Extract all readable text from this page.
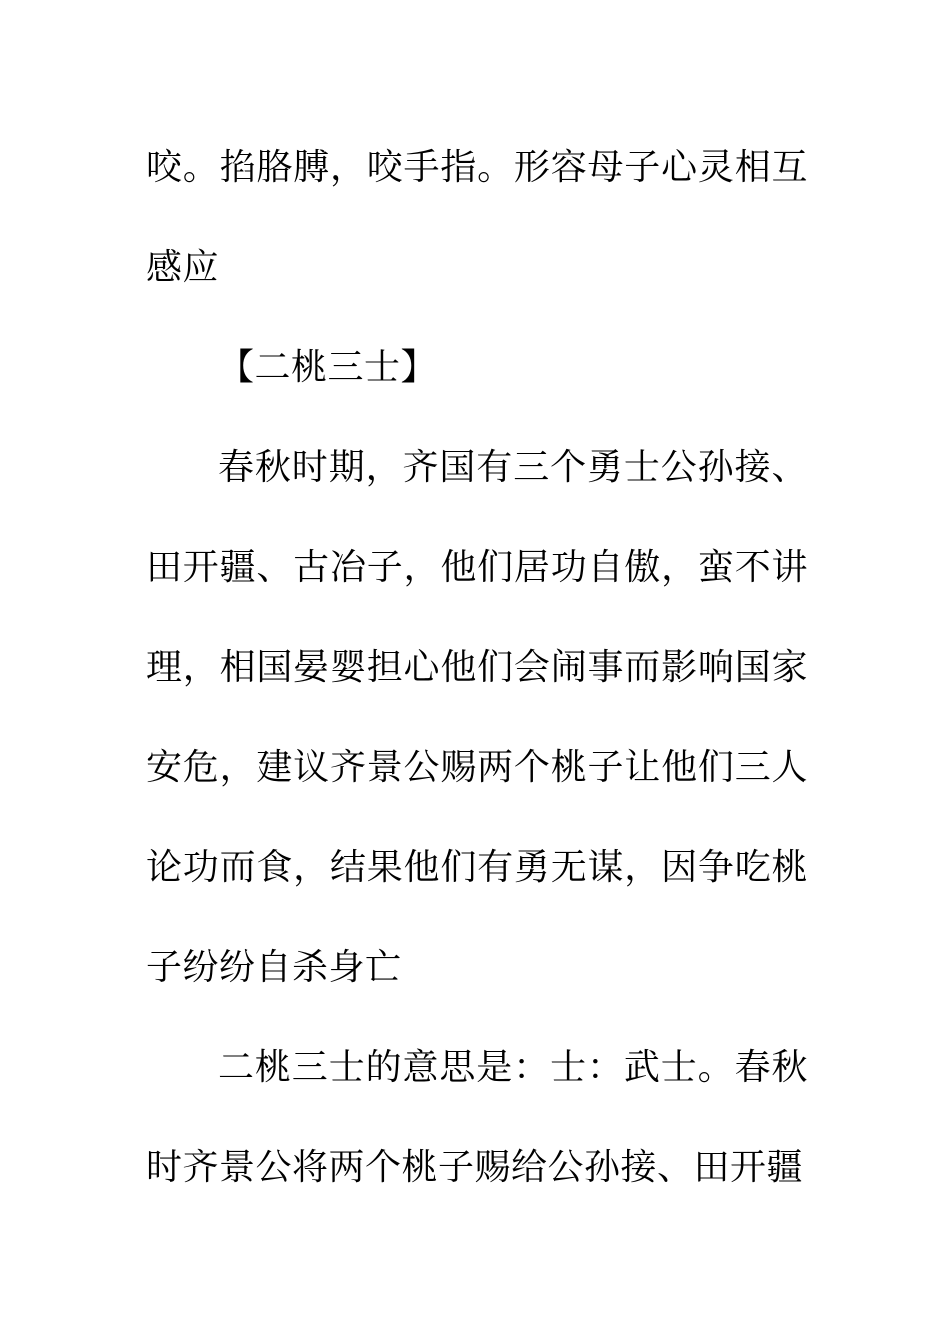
咬。掐胳膊，咬手指。形容母子心灵相互感应

【二桃三士】

春秋时期，齐国有三个勇士公孙接、田开疆、古冶子，他们居功自傲，蛮不讲理，相国晏婴担心他们会闹事而影响国家安危，建议齐景公赐两个桃子让他们三人论功而食，结果他们有勇无谋，因争吃桃子纷纷自杀身亡

二桃三士的意思是：士：武士。春秋时齐景公将两个桃子赐给公孙接、田开疆
